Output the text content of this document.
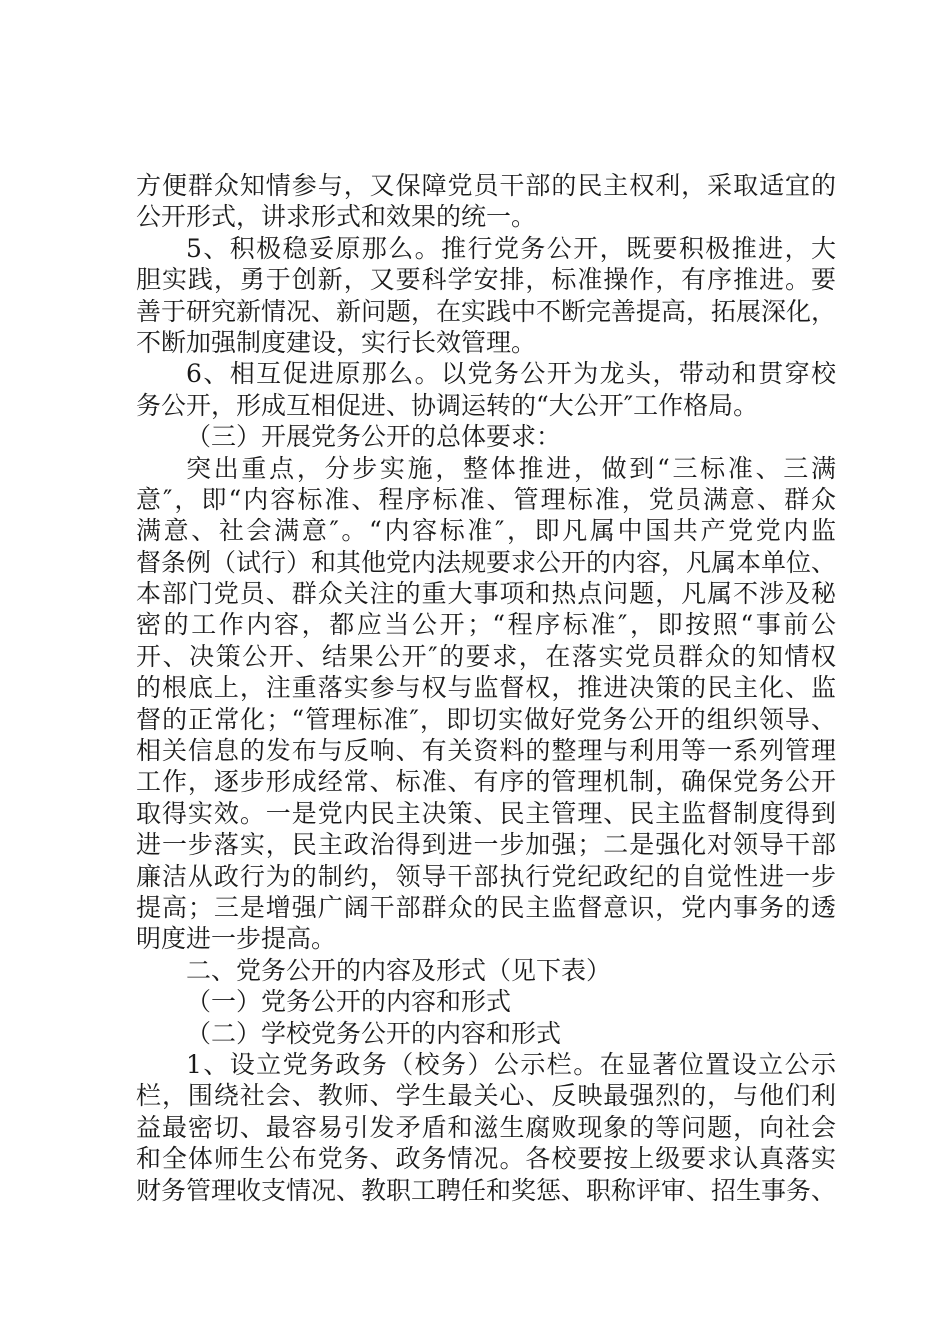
方便群众知情参与，又保障党员干部的民主权利，采取适宜的
公开形式，讲求形式和效果的统一。
5、积极稳妥原那么。推行党务公开，既要积极推进，大
胆实践，勇于创新，又要科学安排，标准操作，有序推进。要
善于研究新情况、新问题，在实践中不断完善提高，拓展深化，
不断加强制度建设，实行长效管理。
6、相互促进原那么。以党务公开为龙头，带动和贯穿校
务公开，形成互相促进、协调运转的“大公开″工作格局。
（三）开展党务公开的总体要求：
突出重点，分步实施，整体推进，做到“三标准、三满
意″，即“内容标准、程序标准、管理标准，党员满意、群众
满意、社会满意″。“内容标准″，即凡属中国共产党党内监
督条例（试行）和其他党内法规要求公开的内容，凡属本单位、
本部门党员、群众关注的重大事项和热点问题，凡属不涉及秘
密的工作内容，都应当公开；“程序标准″，即按照“事前公
开、决策公开、结果公开″的要求，在落实党员群众的知情权
的根底上，注重落实参与权与监督权，推进决策的民主化、监
督的正常化；“管理标准″，即切实做好党务公开的组织领导、
相关信息的发布与反响、有关资料的整理与利用等一系列管理
工作，逐步形成经常、标准、有序的管理机制，确保党务公开
取得实效。一是党内民主决策、民主管理、民主监督制度得到
进一步落实，民主政治得到进一步加强；二是强化对领导干部
廉洁从政行为的制约，领导干部执行党纪政纪的自觉性进一步
提高；三是增强广阔干部群众的民主监督意识，党内事务的透
明度进一步提高。
二、党务公开的内容及形式（见下表）
（一）党务公开的内容和形式
（二）学校党务公开的内容和形式
1、设立党务政务（校务）公示栏。在显著位置设立公示
栏，围绕社会、教师、学生最关心、反映最强烈的，与他们利
益最密切、最容易引发矛盾和滋生腐败现象的等问题，向社会
和全体师生公布党务、政务情况。各校要按上级要求认真落实
财务管理收支情况、教职工聘任和奖惩、职称评审、招生事务、
